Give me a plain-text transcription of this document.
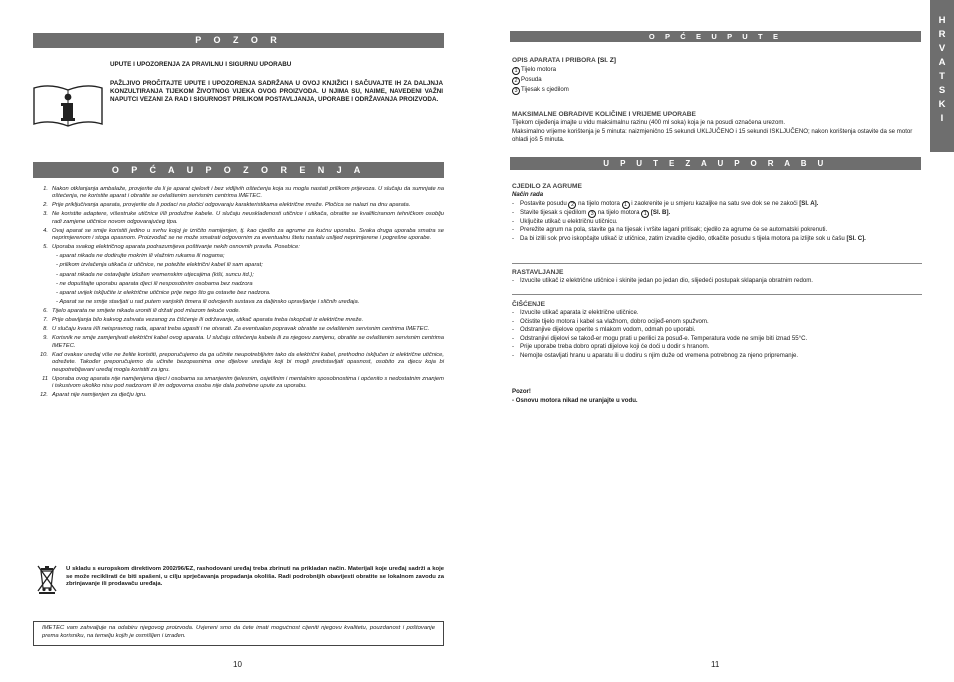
P O Z O R
UPUTE I UPOZORENJA ZA PRAVILNU I SIGURNU UPORABU
PAŽLJIVO PROČITAJTE UPUTE I UPOZORENJA SADRŽANA U OVOJ KNJIŽICI I SAČUVAJTE IH ZA DALJNJA KONZULTIRANJA TIJEKOM ŽIVOTNOG VIJEKA OVOG PROIZVODA. U NJIMA SU, NAIME, NAVEDENI VAŽNI NAPUTCI VEZANI ZA RAD I SIGURNOST PRILIKOM POSTAVLJANJA, UPORABE I ODRŽAVANJA PROIZVODA.
O P Ć A U P O Z O R E N J A
1. Nakon otklanjanja ambalaže, provjerite da li je aparat cjelovit i bez vidljivih oštećenja koja su mogla nastati prilikom prijevoza. U slučaju da sumnjate na oštećenja, ne koristite aparat i obratite se ovlaštenim servisnim centrima IMETEC.
2. Prije priključivanja aparata, provjerite da li podaci na pločici odgovaraju karakteristikama električne mreže. Pločica se nalazi na dnu aparata.
3. Ne koristite adaptere, višestruke utičnice i/ili produžne kabele. U slučaju neusklađenosti utičnice i utikača, obratite se kvalificiranom tehničkom osoblju radi zamjene utičnice novom odgovarajućeg tipa.
4. Ovaj aparat se smije koristiti jedino u svrhu kojoj je izričito namijenjen, tj. kao cjedilo za agrume za kućnu uporabu. Svaka druga uporaba smatra se neprimjerenom i stoga opasnom. Proizvođač se ne može smatrati odgovornim za eventualnu štetu nastalu uslijed neprimjerene i pogrešne uporabe.
5. Uporaba svakog električnog aparata podrazumijeva poštivanje nekih osnovnih pravila. Posebice:
- aparat nikada ne dodirujte mokrim ili vlažnim rukama ili nogama;
- prilikom izvlačenja utikača iz utičnice, ne potežite električni kabel ili sam aparat;
- aparat nikada ne ostavljajte izložen vremenskim utjecajima (kiši, suncu itd.);
- ne dopuštajte uporabu aparata djeci ili nesposobnim osobama bez nadzora
- aparat uvijek isključite iz električne utičnice prije nego što ga ostavite bez nadzora.
- Aparat se ne smije stavljati u rad putem vanjskih timera ili odvojenih sustava za daljinsko upravljanje i sličnih uređaja.
6. Tijelo aparata ne smijete nikada uroniti ili držati pod mlazom tekuće vode.
7. Prije obavljanja bilo kakvog zahvata vezanog za čišćenje ili održavanje, utikač aparata treba iskopčati iz električne mreže.
8. U slučaju kvara i/ili neispravnog rada, aparat treba ugasiti i ne otvarati. Za eventualan popravak obratite se ovlaštenim servisnim centrima IMETEC.
9. Korisnik ne smije zamjenjivati električni kabel ovog aparata. U slučaju oštećenja kabela ili za njegovu zamjenu, obratite se ovlaštenim servisnim centrima IMETEC.
10. Kad ovakav uređaj više ne želite koristiti, preporučujemo da ga učinite neupotrebljivim tako da električni kabel, prethodno isključen iz električne utičnice, odrežete. Također preporučujemo da učinite bezopasnima one dijelove uređaja koji bi mogli predstavljati opasnost, osobito za djecu koja bi neupotrebljavani uređaj mogla koristiti za igru.
11 Uporaba ovog aparata nije namijenjena djeci i osobama sa smanjenim tjelesnim, osjetilnim i mentalnim sposobnostima i općenito s nedostatnim znanjem i iskustvom ukoliko nisu pod nadzorom ili im odgovorna osoba nije dala potrebne upute za uporabu.
12. Aparat nije namijenjen za dječju igru.
U skladu s europskom direktivom 2002/96/EZ, rashodovani uređaj treba zbrinuti na prikladan način. Materijali koje uređaj sadrži a koje se može reciklirati će biti spašeni, u cilju sprječavanja propadanja okoliša. Radi podrobnijih obavijesti obratite se lokalnom zavodu za zbrinjavanje ili prodavaču uređaja.
IMETEC vam zahvaljuje na odabiru njegovog proizvoda. Uvjereni smo da ćete imati mogućnost cijeniti njegovu kvalitetu, pouzdanost i poštovanje prema korisniku, na temelju kojih je osmišljen i izrađen.
10
H
R
V
A
T
S
K
I
O P Ć E U P U T E
OPIS APARATA I PRIBORA [Sl. Z]
1 Tijelo motora
2 Posuda
3 Tijesak s cjedilom
MAKSIMALNE OBRADIVE KOLIČINE I VRIJEME UPORABE
Tijekom cijeđenja imajte u vidu maksimalnu razinu (400 ml soka) koja je na posudi označena urezom.
Maksimalno vrijeme korištenja je 5 minuta: naizmjenično 15 sekundi UKLJUČENO i 15 sekundi ISKLJUČENO; nakon korištenja ostavite da se motor ohladi još 5 minuta.
U P U T E Z A U P O R A B U
CJEDILO ZA AGRUME
Način rada
- Postavite posudu 2 na tijelo motora 1 i zaokrenite je u smjeru kazaljke na satu sve dok se ne zakoči [Sl. A].
- Stavite tijesak s cjedilom 3 na tijelo motora 1 [Sl. B].
- Uključite utikač u električnu utičnicu.
- Prerežite agrum na pola, stavite ga na tijesak i vršite lagani pritisak; cjedilo za agrume će se automatski pokrenuti.
- Da bi izlili sok prvo iskopčajte utikač iz utičnice, zatim izvadite cjedilo, otkačite posudu s tijela motora pa izlijte sok u čašu [Sl. C].
RASTAVLJANJE
- Izvucite utikač iz električne utičnice i skinite jedan po jedan dio, slijedeći postupak sklapanja obratnim redom.
ČIŠĆENJE
- Izvucite utikač aparata iz električne utičnice.
- Očistite tijelo motora i kabel sa vlažnom, dobro ocijeđ-enom spužvom.
- Odstranjive dijelove operite s mlakom vodom, odmah po uporabi.
- Odstranjivi dijelovi se takođ-er mogu prati u perilici za posuđ-e. Temperatura vode ne smije biti iznad 55°C.
- Prije uporabe treba dobro oprati dijelove koji će doći u dodir s hranom.
- Nemojte ostavljati hranu u aparatu ili u dodiru s njim duže od vremena potrebnog za njeno pripremanje.
Pozor!
- Osnovu motora nikad ne uranjajte u vodu.
11
